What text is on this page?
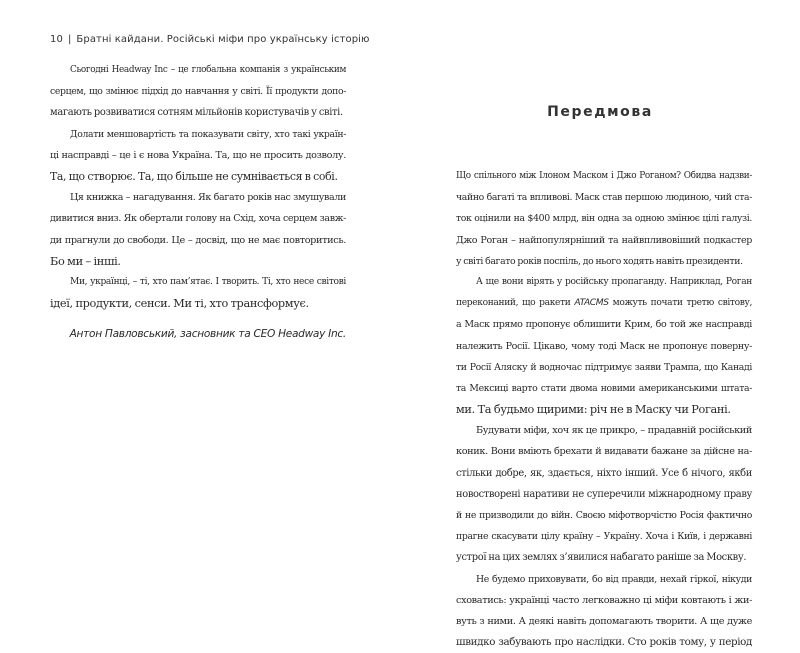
10 | Братні кайдани. Російські міфи про українську історію
Сьогодні Headway Inc – це глобальна компанія з українським
серцем, що змінює підхід до навчання у світі. Її продукти допо-
магають розвиватися сотням мільйонів користувачів у світі.
Долати меншовартість та показувати світу, хто такі україн-
ці насправді – це і є нова Україна. Та, що не просить дозволу.
Та, що створює. Та, що більше не сумнівається в собі.
Ця книжка – нагадування. Як багато років нас змушували
дивитися вниз. Як обертали голову на Схід, хоча серцем завж-
ди прагнули до свободи. Це – досвід, що не має повторитись.
Бо ми – інші.
Ми, українці, – ті, хто пам’ятає. І творить. Ті, хто несе світові
ідеї, продукти, сенси. Ми ті, хто трансформує.
Антон Павловський, засновник та CEO Headway Inc.
Передмова
Що спільного між Ілоном Маском і Джо Роганом? Обидва надзви-
чайно багаті та впливові. Маск став першою людиною, чий ста-
ток оцінили на $400 млрд, він одна за одною змінює цілі галузі.
Джо Роган – найпопулярніший та найвпливовіший подкастер
у світі багато років поспіль, до нього ходять навіть президенти.
А ще вони вірять у російську пропаганду. Наприклад, Роган
переконаний, що ракети ATACMS можуть почати третю світову,
а Маск прямо пропонує облишити Крим, бо той же насправді
належить Росії. Цікаво, чому тоді Маск не пропонує поверну-
ти Росії Аляску й водночас підтримує заяви Трампа, що Канаді
та Мексиці варто стати двома новими американськими штата-
ми. Та будьмо щирими: річ не в Маску чи Рогані.
Будувати міфи, хоч як це прикро, – прадавній російський
коник. Вони вміють брехати й видавати бажане за дійсне на-
стільки добре, як, здається, ніхто інший. Усе б нічого, якби
новостворені наративи не суперечили міжнародному праву
й не призводили до війн. Своєю міфотворчістю Росія фактично
прагне скасувати цілу країну – Україну. Хоча і Київ, і державні
устрої на цих землях з’явилися набагато раніше за Москву.
Не будемо приховувати, бо від правди, нехай гіркої, нікуди
сховатись: українці часто легковажно ці міфи ковтають і жи-
вуть з ними. А деякі навіть допомагають творити. А ще дуже
швидко забувають про наслідки. Сто років тому, у період
